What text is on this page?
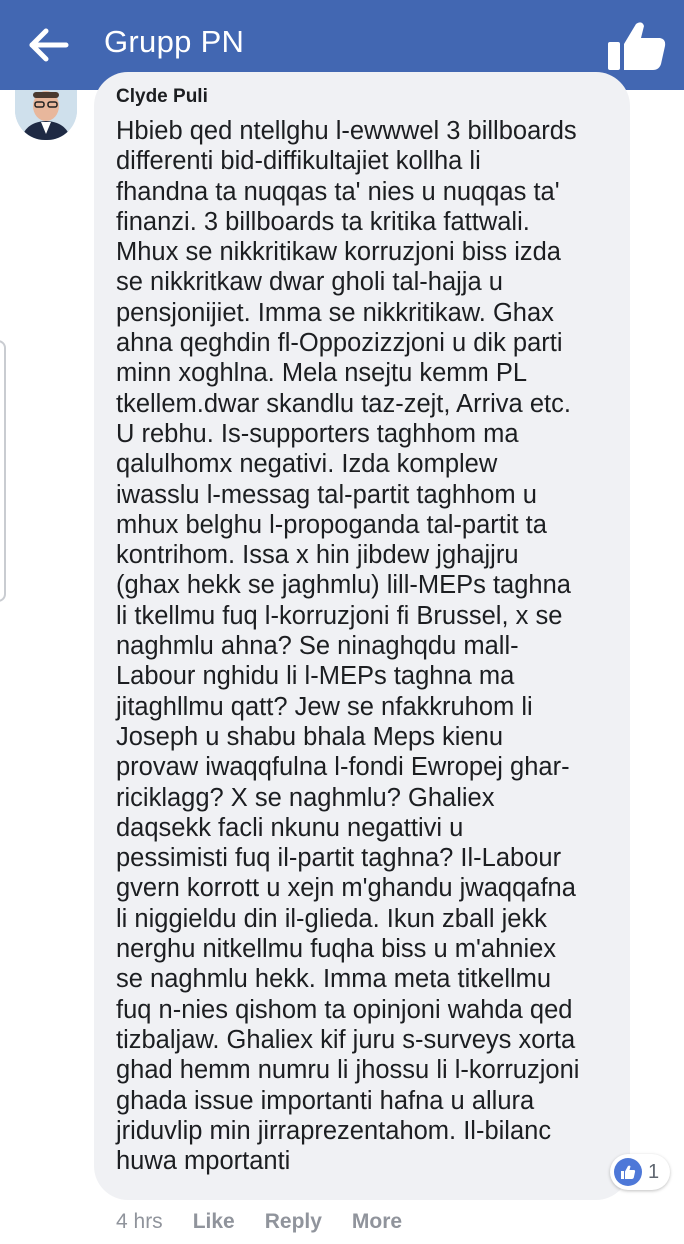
Grupp PN
Clyde Puli
Hbieb qed ntellghu l-ewwwel 3 billboards
differenti bid-diffikultajiet kollha li
fhandna ta nuqqas ta' nies u nuqqas ta'
finanzi. 3 billboards ta kritika fattwali.
Mhux se nikkritikaw korruzjoni biss izda
se nikkritkaw dwar gholi tal-hajja u
pensjonijiet. Imma se nikkritikaw. Ghax
ahna qeghdin fl-Oppozizzjoni u dik parti
minn xoghlna. Mela nsejtu kemm PL
tkellem.dwar skandlu taz-zejt, Arriva etc.
U rebhu. Is-supporters taghhom ma
qalulhomx negativi. Izda komplew
iwasslu l-messag tal-partit taghhom u
mhux belghu l-propoganda tal-partit ta
kontrihom. Issa x hin jibdew jghajjru
(ghax hekk se jaghmlu) lill-MEPs taghna
li tkellmu fuq l-korruzjoni fi Brussel, x se
naghmlu ahna? Se ninaghqdu mall-
Labour nghidu li l-MEPs taghna ma
jitaghllmu qatt? Jew se nfakkruhom li
Joseph u shabu bhala Meps kienu
provaw iwaqqfulna l-fondi Ewropej ghar-
riciklagg? X se naghmlu? Ghaliex
daqsekk facli nkunu negattivi u
pessimisti fuq il-partit taghna? Il-Labour
gvern korrott u xejn m'ghandu jwaqqafna
li niggieldu din il-glieda. Ikun zball jekk
nerghu nitkellmu fuqha biss u m'ahniex
se naghmlu hekk. Imma meta titkellmu
fuq n-nies qishom ta opinjoni wahda qed
tizbaljaw. Ghaliex kif juru s-surveys xorta
ghad hemm numru li jhossu li l-korruzjoni
ghada issue importanti hafna u allura
jriduvlip min jirraprezentahom. Il-bilanc
huwa mportanti	1
4 hrs Like Reply More
